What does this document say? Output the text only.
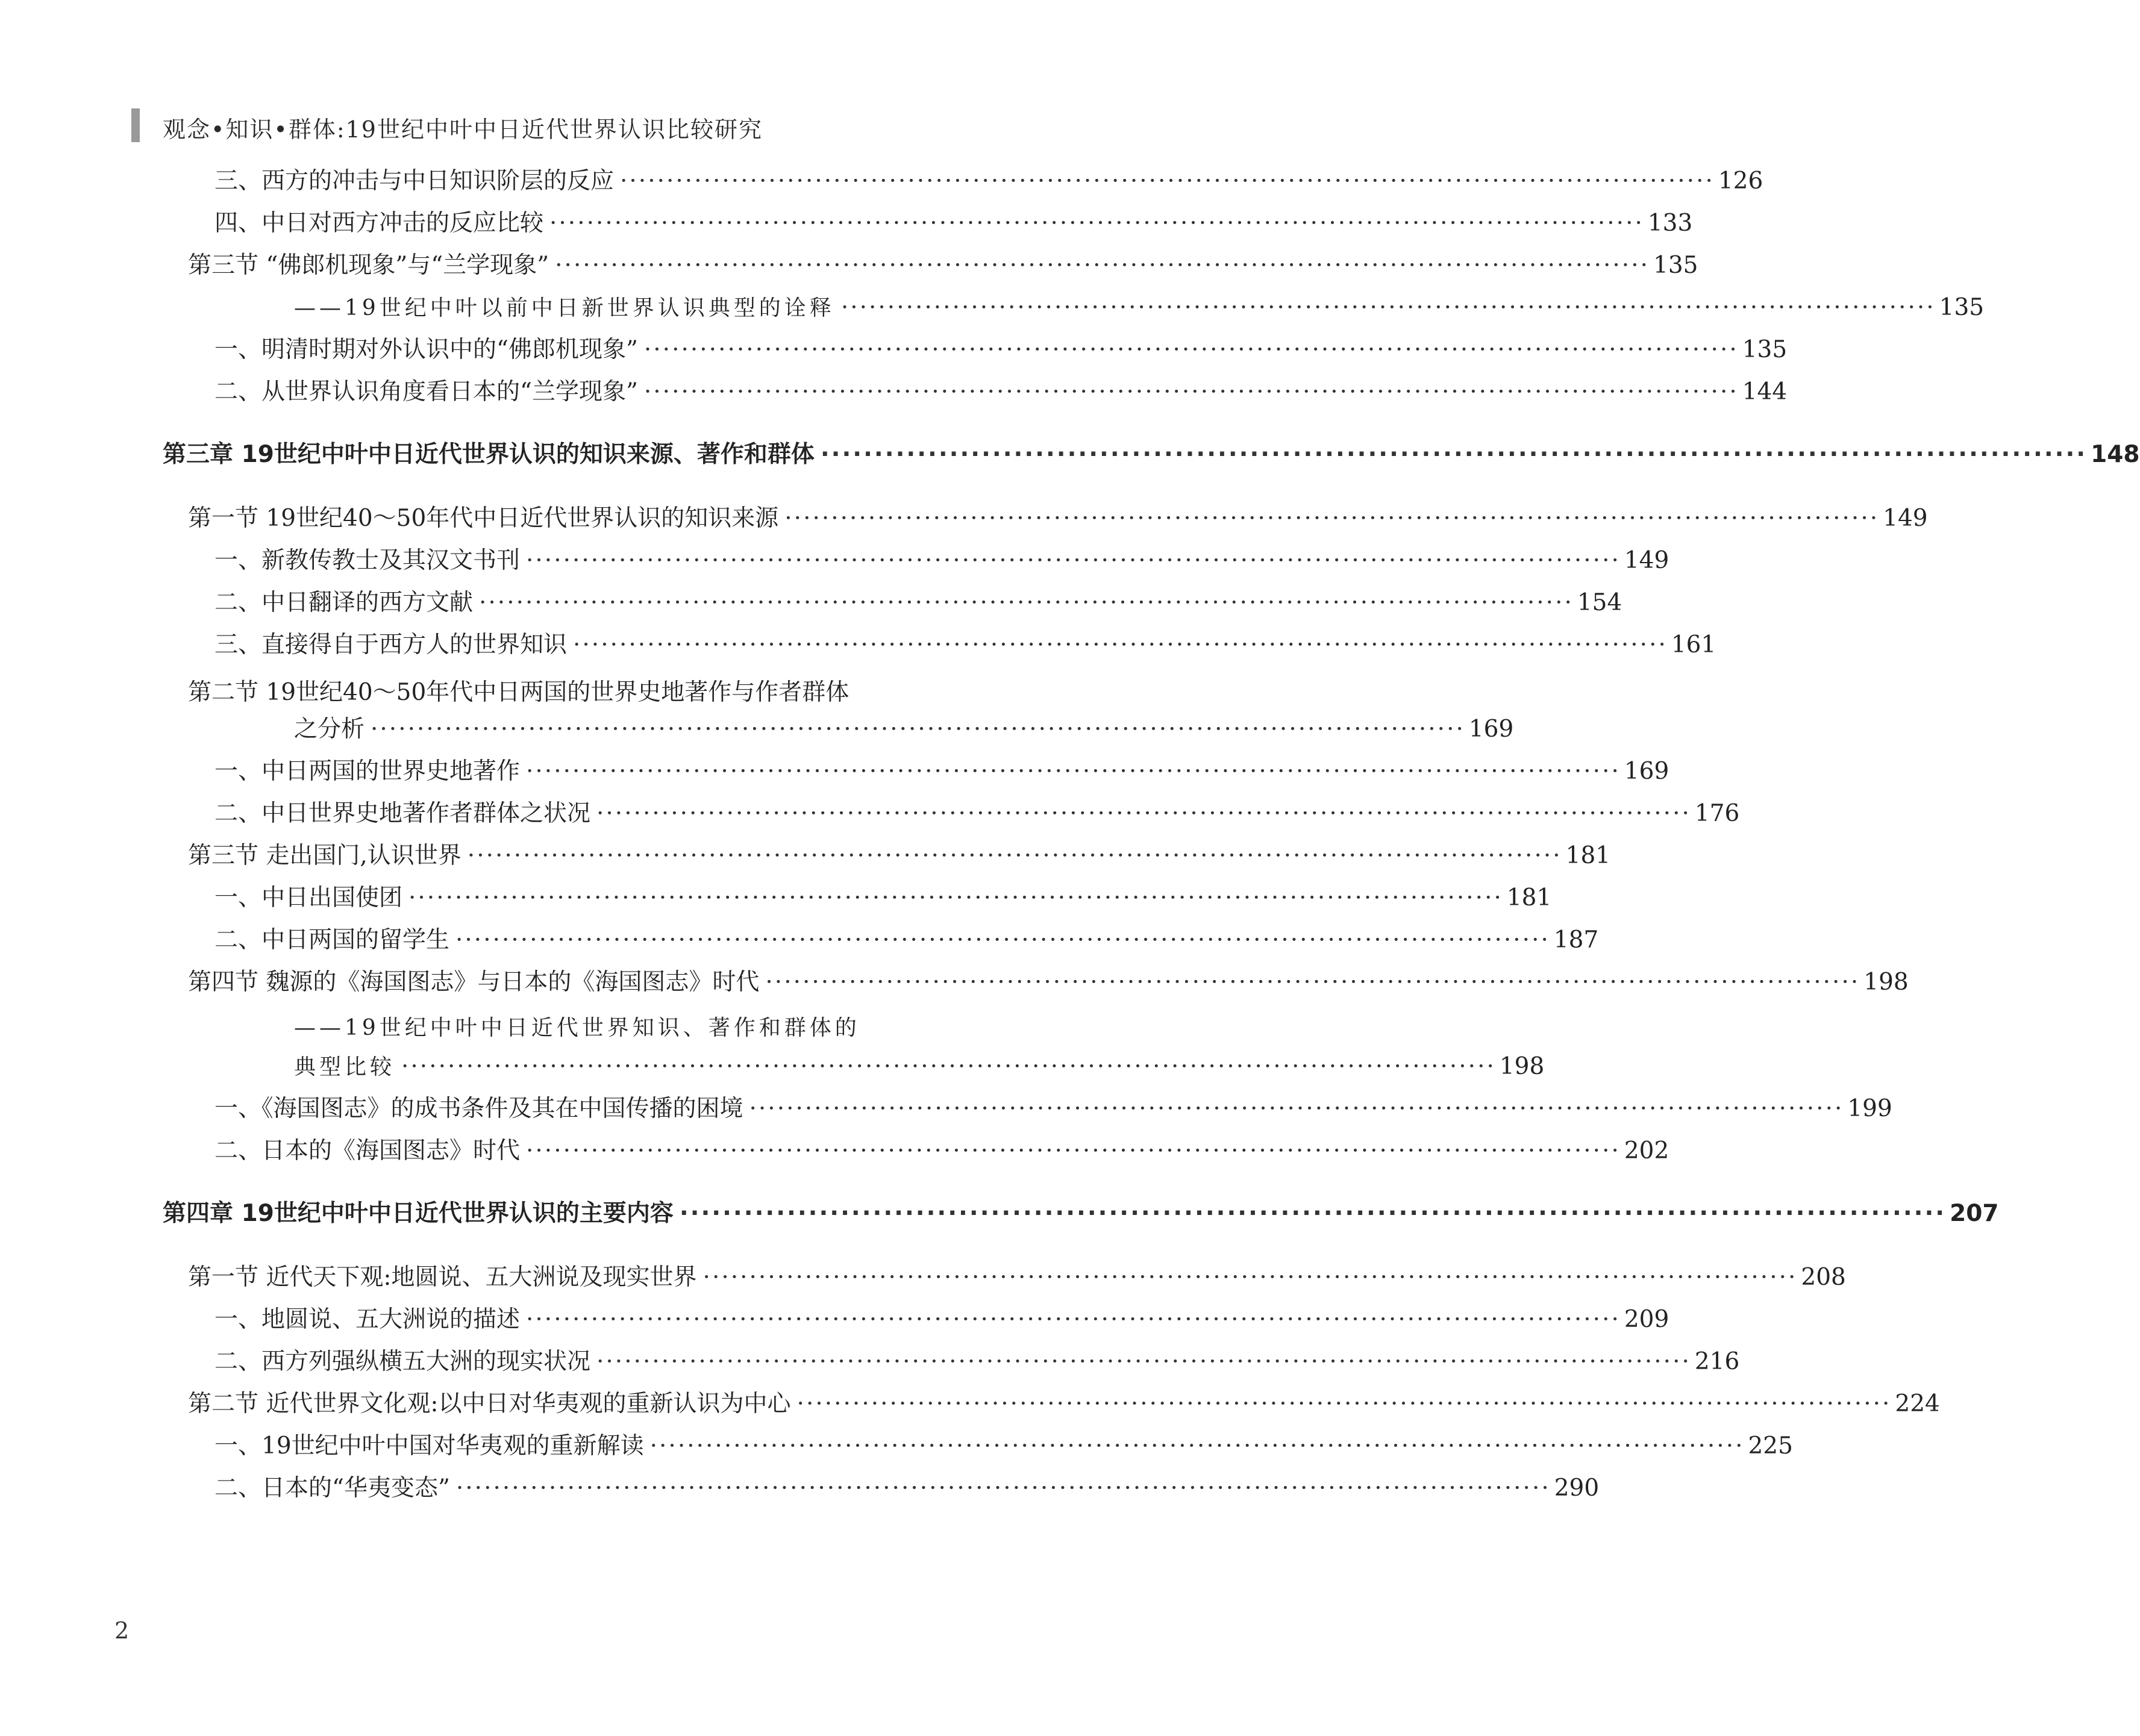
观念•知识•群体:19世纪中叶中日近代世界认识比较研究
三、西方的冲击与中日知识阶层的反应 ·····	126
四、中日对西方冲击的反应比较 ·····	133
第三节 “佛郎机现象”与“兰学现象” ·····	135
——19世纪中叶以前中日新世界认识典型的诠释 ·····	135
一、明清时期对外认识中的“佛郎机现象” ·····	135
二、从世界认识角度看日本的“兰学现象” ·····	144
第三章 19世纪中叶中日近代世界认识的知识来源、著作和群体 ·····	148
第一节 19世纪40～50年代中日近代世界认识的知识来源 ·····	149
一、新教传教士及其汉文书刊 ·····	149
二、中日翻译的西方文献 ·····	154
三、直接得自于西方人的世界知识 ·····	161
第二节 19世纪40～50年代中日两国的世界史地著作与作者群体
之分析 ·····	169
一、中日两国的世界史地著作 ·····	169
二、中日世界史地著作者群体之状况 ·····	176
第三节 走出国门,认识世界 ·····	181
一、中日出国使团 ·····	181
二、中日两国的留学生 ·····	187
第四节 魏源的《海国图志》与日本的《海国图志》时代 ·····	198
——19世纪中叶中日近代世界知识、著作和群体的
典型比较 ·····	198
一、《海国图志》的成书条件及其在中国传播的困境 ·····	199
二、日本的《海国图志》时代 ·····	202
第四章 19世纪中叶中日近代世界认识的主要内容 ·····	207
第一节 近代天下观:地圆说、五大洲说及现实世界 ·····	208
一、地圆说、五大洲说的描述 ·····	209
二、西方列强纵横五大洲的现实状况 ·····	216
第二节 近代世界文化观:以中日对华夷观的重新认识为中心 ·····	224
一、19世纪中叶中国对华夷观的重新解读 ·····	225
二、日本的“华夷变态” ·····	290
2
